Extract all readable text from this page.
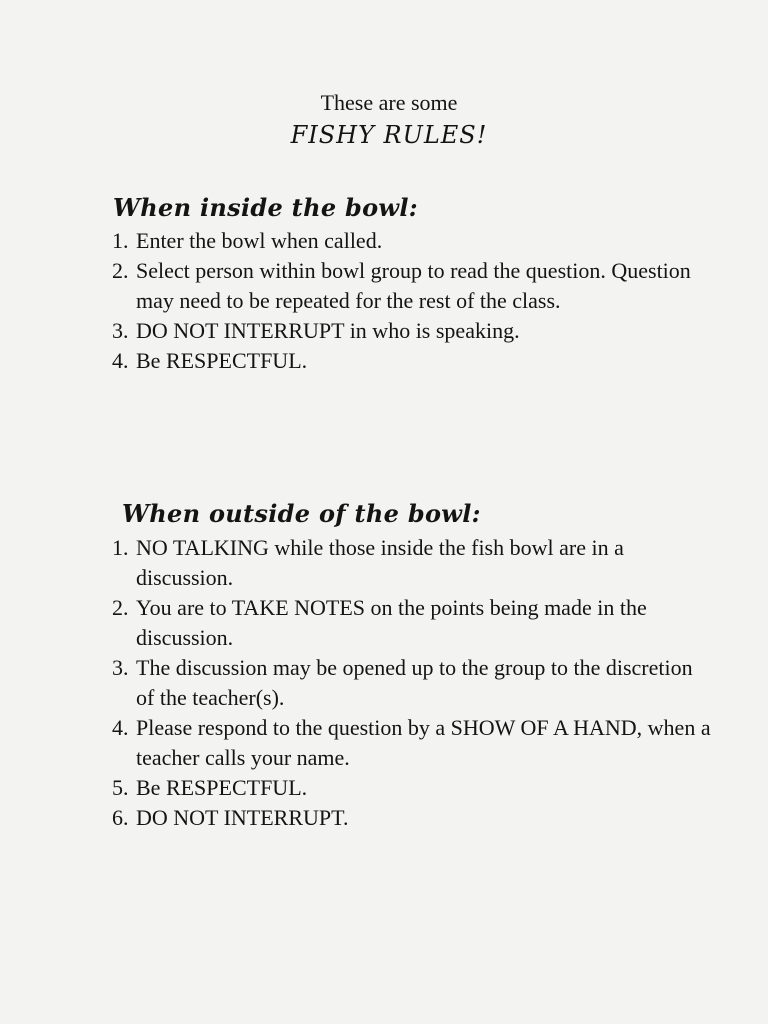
These are some
FISHY RULES!
When inside the bowl:
1. Enter the bowl when called.
2. Select person within bowl group to read the question. Question may need to be repeated for the rest of the class.
3. DO NOT INTERRUPT in who is speaking.
4. Be RESPECTFUL.
When outside of the bowl:
1. NO TALKING while those inside the fish bowl are in a discussion.
2. You are to TAKE NOTES on the points being made in the discussion.
3. The discussion may be opened up to the group to the discretion of the teacher(s).
4. Please respond to the question by a SHOW OF A HAND, when a teacher calls your name.
5. Be RESPECTFUL.
6. DO NOT INTERRUPT.
